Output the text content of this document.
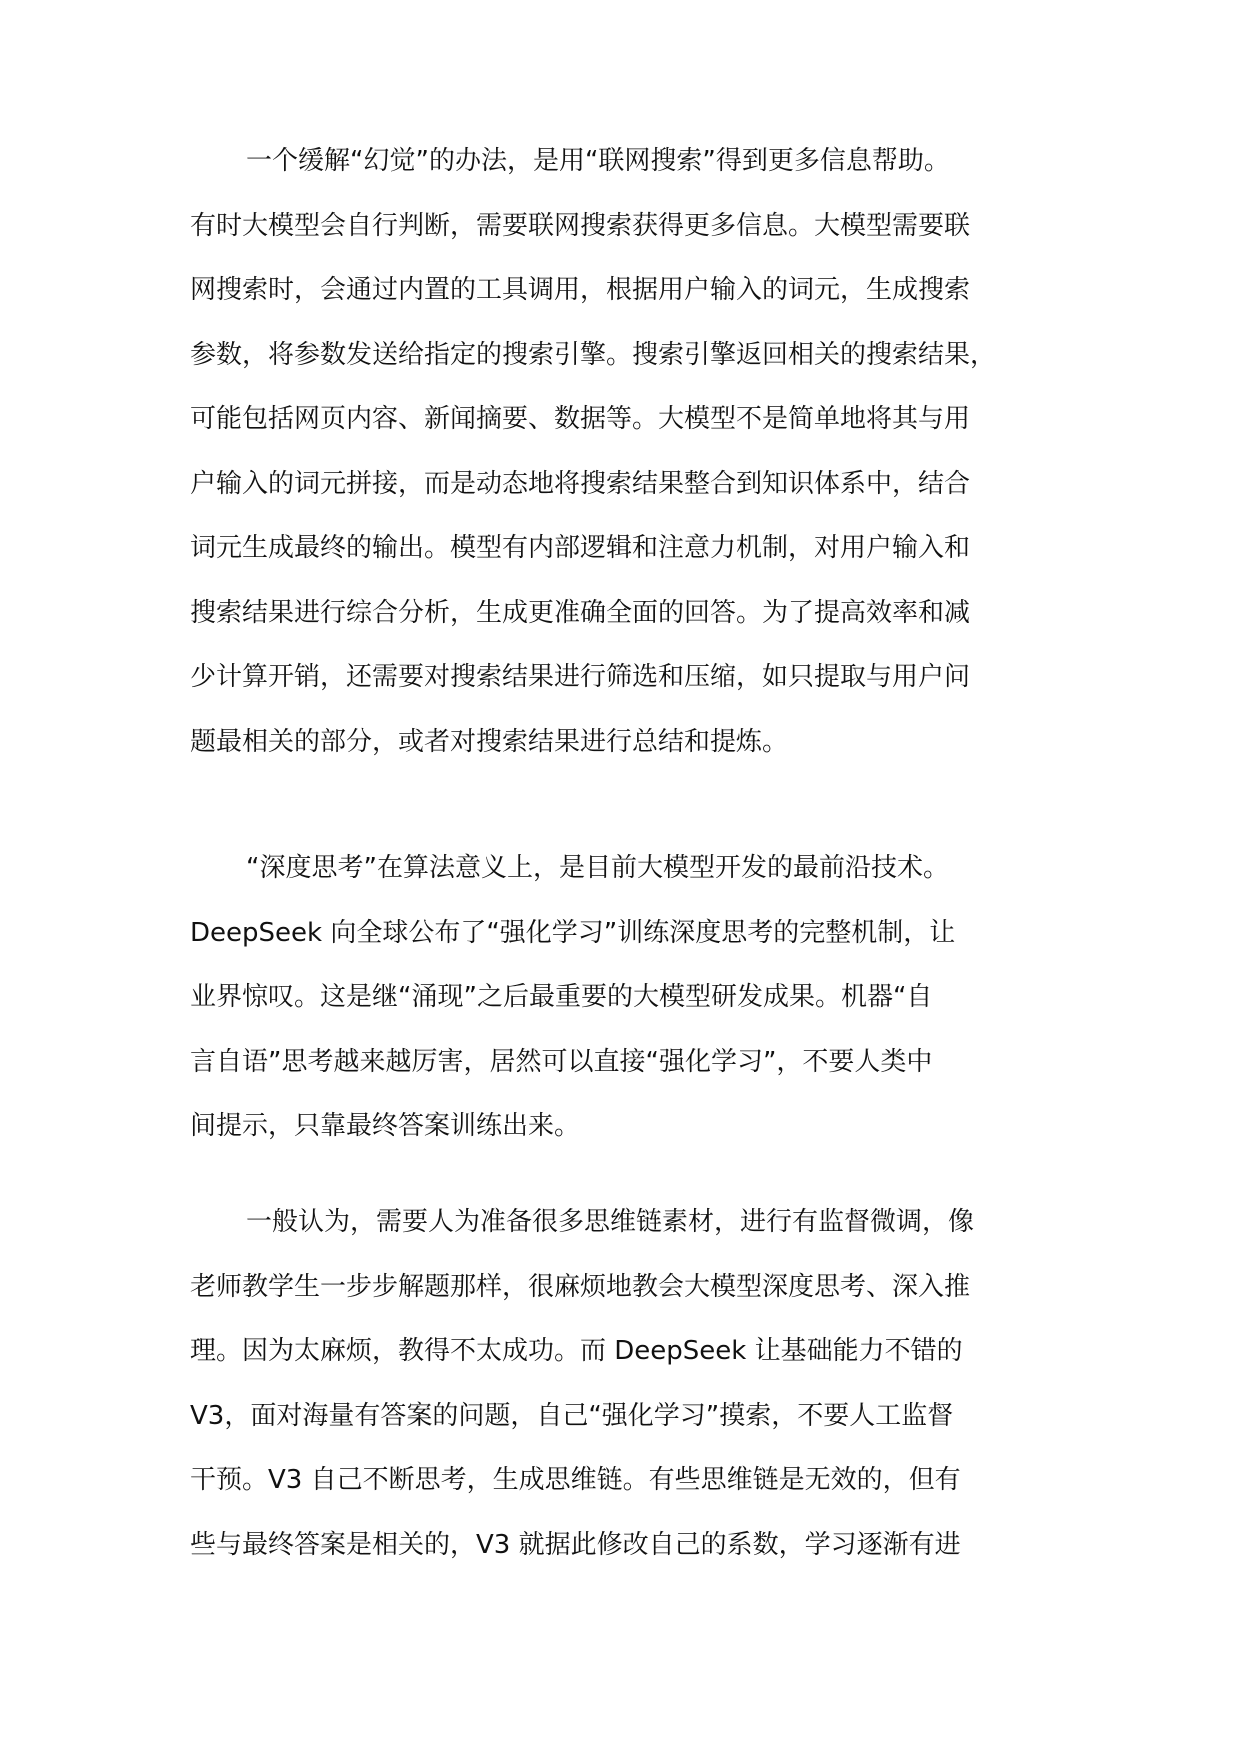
一个缓解“幻觉”的办法，是用“联网搜索”得到更多信息帮助。
有时大模型会自行判断，需要联网搜索获得更多信息。大模型需要联
网搜索时，会通过内置的工具调用，根据用户输入的词元，生成搜索
参数，将参数发送给指定的搜索引擎。搜索引擎返回相关的搜索结果，
可能包括网页内容、新闻摘要、数据等。大模型不是简单地将其与用
户输入的词元拼接，而是动态地将搜索结果整合到知识体系中，结合
词元生成最终的输出。模型有内部逻辑和注意力机制，对用户输入和
搜索结果进行综合分析，生成更准确全面的回答。为了提高效率和减
少计算开销，还需要对搜索结果进行筛选和压缩，如只提取与用户问
题最相关的部分，或者对搜索结果进行总结和提炼。
“深度思考”在算法意义上，是目前大模型开发的最前沿技术。
DeepSeek 向全球公布了“强化学习”训练深度思考的完整机制，让
业界惊叹。这是继“涌现”之后最重要的大模型研发成果。机器“自
言自语”思考越来越厉害，居然可以直接“强化学习”，不要人类中
间提示，只靠最终答案训练出来。
一般认为，需要人为准备很多思维链素材，进行有监督微调，像
老师教学生一步步解题那样，很麻烦地教会大模型深度思考、深入推
理。因为太麻烦，教得不太成功。而 DeepSeek 让基础能力不错的
V3，面对海量有答案的问题，自己“强化学习”摸索，不要人工监督
干预。V3 自己不断思考，生成思维链。有些思维链是无效的，但有
些与最终答案是相关的，V3 就据此修改自己的系数，学习逐渐有进
